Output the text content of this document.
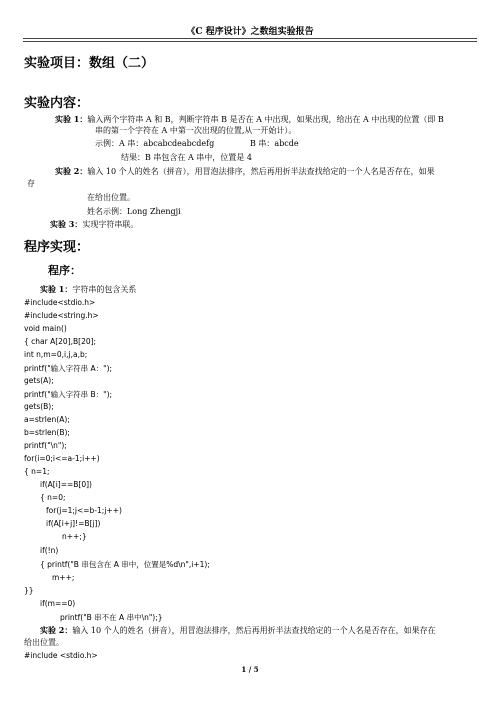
《C 程序设计》之数组实验报告
实验项目：数组（二）
实验内容：
实验 1：输入两个字符串 A 和 B，判断字符串 B 是否在 A 中出现，如果出现，给出在 A 中出现的位置（即 B
串的第一个字符在 A 中第一次出现的位置,从一开始计）。
示例：A 串：abcabcdeabcdefg	B 串：abcde
结果：B 串包含在 A 串中，位置是 4
实验 2：输入 10 个人的姓名（拼音），用冒泡法排序，然后再用折半法查找给定的一个人名是否存在，如果
存
在给出位置。
姓名示例：Long Zhengji
实验 3：实现字符串联。
程序实现：
程序：
实验 1：字符串的包含关系
#include<stdio.h>
#include<string.h>
void main()
{ char A[20],B[20];
int n,m=0,i,j,a,b;
printf("输入字符串 A：");
gets(A);
printf("输入字符串 B：");
gets(B);
a=strlen(A);
b=strlen(B);
printf("\n");
for(i=0;i<=a-1;i++)
{ n=1;
if(A[i]==B[0])
{ n=0;
for(j=1;j<=b-1;j++)
if(A[i+j]!=B[j])
n++;}
if(!n)
{ printf("B 串包含在 A 串中，位置是%d\n",i+1);
m++;
}}
if(m==0)
printf("B 串不在 A 串中\n");}
实验 2：输入 10 个人的姓名（拼音），用冒泡法排序，然后再用折半法查找给定的一个人名是否存在，如果存在
给出位置。
#include <stdio.h>
1 / 5
